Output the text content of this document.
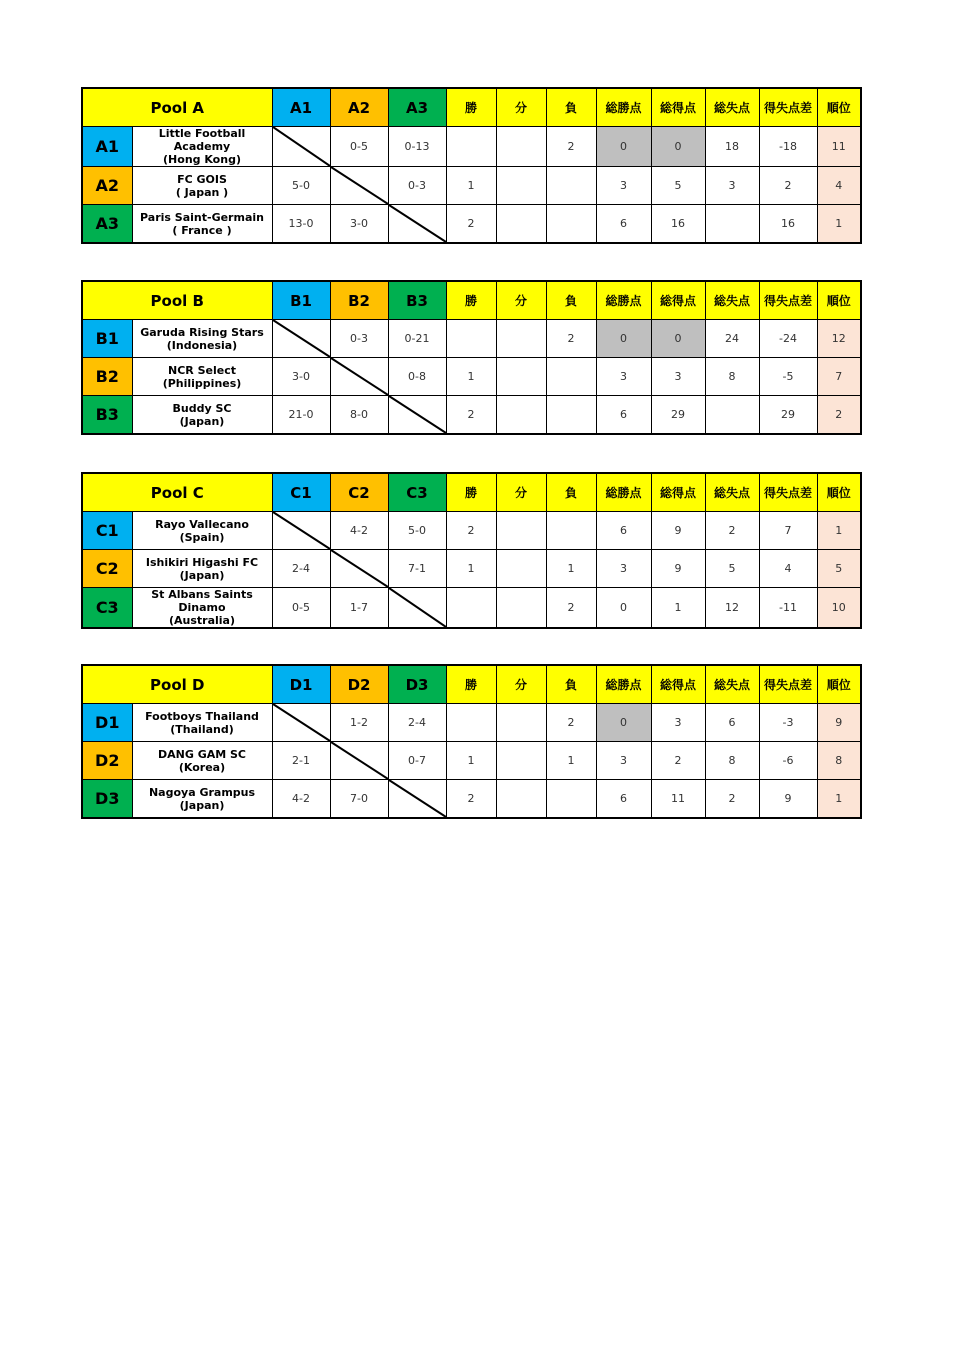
Pool A		A1	A2	A3	勝	分	負	総勝点	総得点	総失点	得失点差	順位
A1	Little Football Academy
(Hong Kong)		0-5	0-13			2	0	0	18	-18	11
A2	FC GOIS
( Japan )	5-0		0-3	1			3	5	3	2	4
A3	Paris Saint-Germain
( France )	13-0	3-0		2			6	16		16	1
Pool B		B1	B2	B3	勝	分	負	総勝点	総得点	総失点	得失点差	順位
B1	Garuda Rising Stars
(Indonesia)		0-3	0-21			2	0	0	24	-24	12
B2	NCR Select
(Philippines)	3-0		0-8	1			3	3	8	-5	7
B3	Buddy SC
(Japan)	21-0	8-0		2			6	29		29	2
Pool C		C1	C2	C3	勝	分	負	総勝点	総得点	総失点	得失点差	順位
C1	Rayo Vallecano
(Spain)		4-2	5-0	2			6	9	2	7	1
C2	Ishikiri Higashi FC
(Japan)	2-4		7-1	1		1	3	9	5	4	5
C3	St Albans Saints Dinamo
(Australia)	0-5	1-7				2	0	1	12	-11	10
Pool D		D1	D2	D3	勝	分	負	総勝点	総得点	総失点	得失点差	順位
D1	Footboys Thailand
(Thailand)		1-2	2-4			2	0	3	6	-3	9
D2	DANG GAM SC
(Korea)	2-1		0-7	1		1	3	2	8	-6	8
D3	Nagoya Grampus
(Japan)	4-2	7-0		2			6	11	2	9	1
